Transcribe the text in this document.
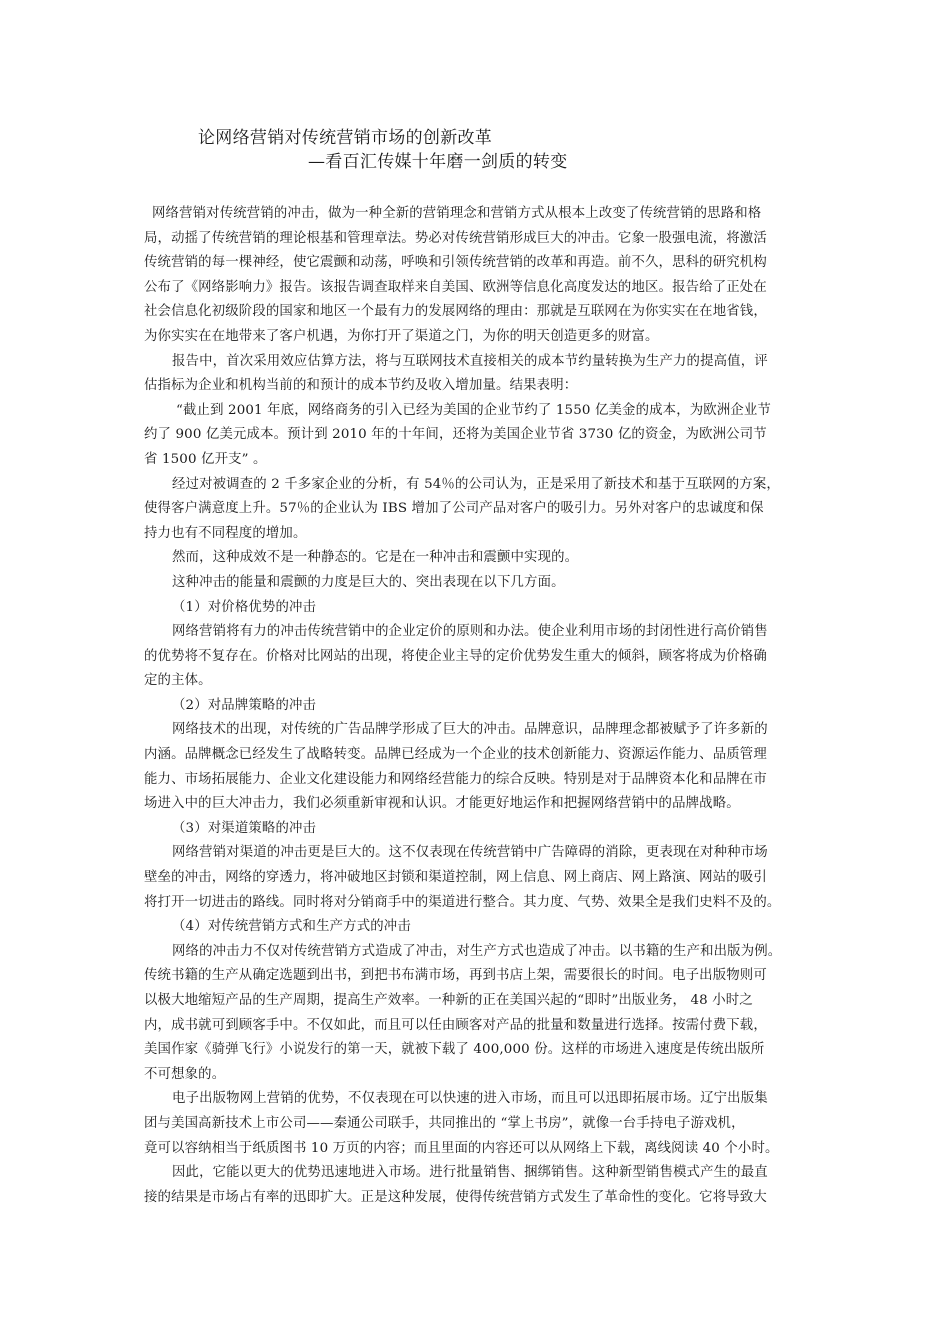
论网络营销对传统营销市场的创新改革
—看百汇传媒十年磨一剑质的转变
网络营销对传统营销的冲击，做为一种全新的营销理念和营销方式从根本上改变了传统营销的思路和格
局，动摇了传统营销的理论根基和管理章法。势必对传统营销形成巨大的冲击。它象一股强电流，将激活
传统营销的每一棵神经，使它震颤和动荡，呼唤和引领传统营销的改革和再造。前不久，思科的研究机构
公布了《网络影响力》报告。该报告调查取样来自美国、欧洲等信息化高度发达的地区。报告给了正处在
社会信息化初级阶段的国家和地区一个最有力的发展网络的理由：那就是互联网在为你实实在在地省钱，
为你实实在在地带来了客户机遇，为你打开了渠道之门，为你的明天创造更多的财富。
报告中，首次采用效应估算方法，将与互联网技术直接相关的成本节约量转换为生产力的提高值，评
估指标为企业和机构当前的和预计的成本节约及收入增加量。结果表明：
“截止到 2001 年底，网络商务的引入已经为美国的企业节约了 1550 亿美金的成本，为欧洲企业节
约了 900 亿美元成本。预计到 2010 年的十年间，还将为美国企业节省 3730 亿的资金，为欧洲公司节
省 1500 亿开支” 。
经过对被调查的 2 千多家企业的分析，有 54％的公司认为，正是采用了新技术和基于互联网的方案，
使得客户满意度上升。57％的企业认为 IBS 增加了公司产品对客户的吸引力。另外对客户的忠诚度和保
持力也有不同程度的增加。
然而，这种成效不是一种静态的。它是在一种冲击和震颤中实现的。
这种冲击的能量和震颤的力度是巨大的、突出表现在以下几方面。
（1）对价格优势的冲击
网络营销将有力的冲击传统营销中的企业定价的原则和办法。使企业利用市场的封闭性进行高价销售
的优势将不复存在。价格对比网站的出现，将使企业主导的定价优势发生重大的倾斜，顾客将成为价格确
定的主体。
（2）对品牌策略的冲击
网络技术的出现，对传统的广告品牌学形成了巨大的冲击。品牌意识，品牌理念都被赋予了许多新的
内涵。品牌概念已经发生了战略转变。品牌已经成为一个企业的技术创新能力、资源运作能力、品质管理
能力、市场拓展能力、企业文化建设能力和网络经营能力的综合反映。特别是对于品牌资本化和品牌在市
场进入中的巨大冲击力，我们必须重新审视和认识。才能更好地运作和把握网络营销中的品牌战略。
（3）对渠道策略的冲击
网络营销对渠道的冲击更是巨大的。这不仅表现在传统营销中广告障碍的消除，更表现在对种种市场
壁垒的冲击，网络的穿透力，将冲破地区封锁和渠道控制，网上信息、网上商店、网上路演、网站的吸引
将打开一切进击的路线。同时将对分销商手中的渠道进行整合。其力度、气势、效果全是我们史料不及的。
（4）对传统营销方式和生产方式的冲击
网络的冲击力不仅对传统营销方式造成了冲击，对生产方式也造成了冲击。以书籍的生产和出版为例。
传统书籍的生产从确定选题到出书，到把书布满市场，再到书店上架，需要很长的时间。电子出版物则可
以极大地缩短产品的生产周期，提高生产效率。一种新的正在美国兴起的“即时”出版业务， 48 小时之
内，成书就可到顾客手中。不仅如此，而且可以任由顾客对产品的批量和数量进行选择。按需付费下载，
美国作家《骑弹飞行》小说发行的第一天，就被下载了 400,000 份。这样的市场进入速度是传统出版所
不可想象的。
电子出版物网上营销的优势，不仅表现在可以快速的进入市场，而且可以迅即拓展市场。辽宁出版集
团与美国高新技术上市公司——秦通公司联手，共同推出的 “掌上书房”，就像一台手持电子游戏机，
竟可以容纳相当于纸质图书 10 万页的内容；而且里面的内容还可以从网络上下载，离线阅读 40 个小时。
因此，它能以更大的优势迅速地进入市场。进行批量销售、捆绑销售。这种新型销售模式产生的最直
接的结果是市场占有率的迅即扩大。正是这种发展，使得传统营销方式发生了革命性的变化。它将导致大
